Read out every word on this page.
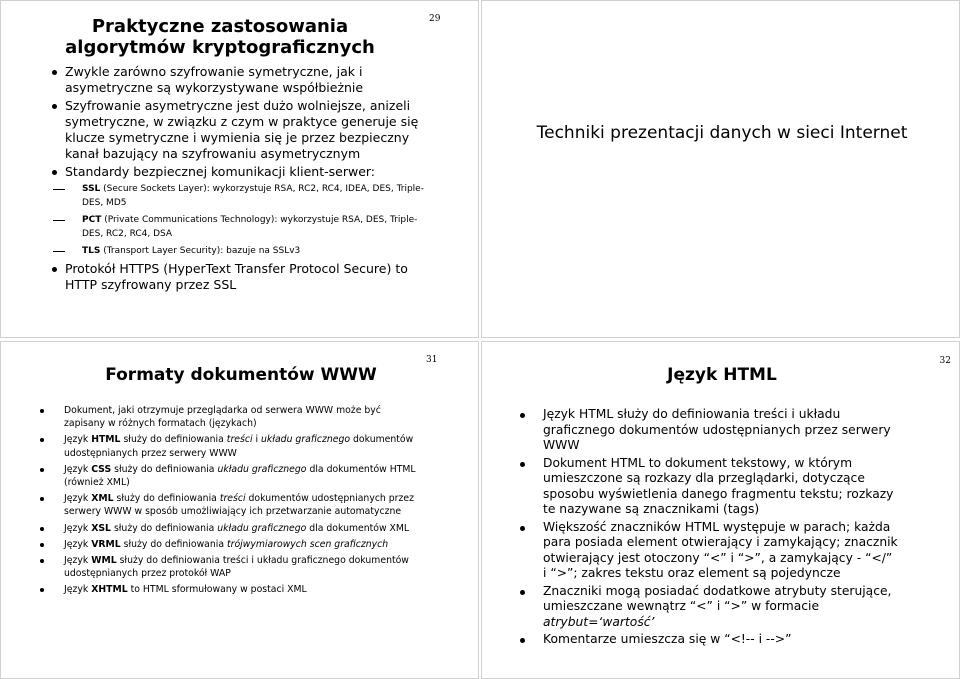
Praktyczne zastosowania algorytmów kryptograficznych
Zwykle zarówno szyfrowanie symetryczne, jak i asymetryczne są wykorzystywane współbieżnie
Szyfrowanie asymetryczne jest dużo wolniejsze, anizeli symetryczne, w związku z czym w praktyce generuje się klucze symetryczne i wymienia się je przez bezpieczny kanał bazujący na szyfrowaniu asymetrycznym
Standardy bezpiecznej komunikacji klient-serwer:
SSL (Secure Sockets Layer): wykorzystuje RSA, RC2, RC4, IDEA, DES, Triple-DES, MD5
PCT (Private Communications Technology): wykorzystuje RSA, DES, Triple-DES, RC2, RC4, DSA
TLS (Transport Layer Security): bazuje na SSLv3
Protokół HTTPS (HyperText Transfer Protocol Secure) to HTTP szyfrowany przez SSL
Techniki prezentacji danych w sieci Internet
29
Formaty dokumentów WWW
Dokument, jaki otrzymuje przeglądarka od serwera WWW może być zapisany w różnych formatach (językach)
Język HTML służy do definiowania treści i układu graficznego dokumentów udostępnianych przez serwery WWW
Język CSS służy do definiowania układu graficznego dla dokumentów HTML (również XML)
Język XML służy do definiowania treści dokumentów udostępnianych przez serwery WWW w sposób umożliwiający ich przetwarzanie automatyczne
Język XSL służy do definiowania układu graficznego dla dokumentów XML
Język VRML służy do definiowania trójwymiarowych scen graficznych
Język WML służy do definiowania treści i układu graficznego dokumentów udostępnianych przez protokół WAP
Język XHTML to HTML sformułowany w postaci XML
31	32
Język HTML
Język HTML służy do definiowania treści i układu graficznego dokumentów udostępnianych przez serwery WWW
Dokument HTML to dokument tekstowy, w którym umieszczone są rozkazy dla przeglądarki, dotyczące sposobu wyświetlenia danego fragmentu tekstu; rozkazy te nazywane są znacznikami (tags)
Większość znaczników HTML występuje w parach; każda para posiada element otwierający i zamykający; znacznik otwierający jest otoczony “<” i “>”, a zamykający - “</” i “>”; zakres tekstu oraz element są pojedyncze
Znaczniki mogą posiadać dodatkowe atrybuty sterujące, umieszczane wewnątrz “<” i “>” w formacie atrybut=‘wartość’
Komentarze umieszcza się w “<!-- i -->”
